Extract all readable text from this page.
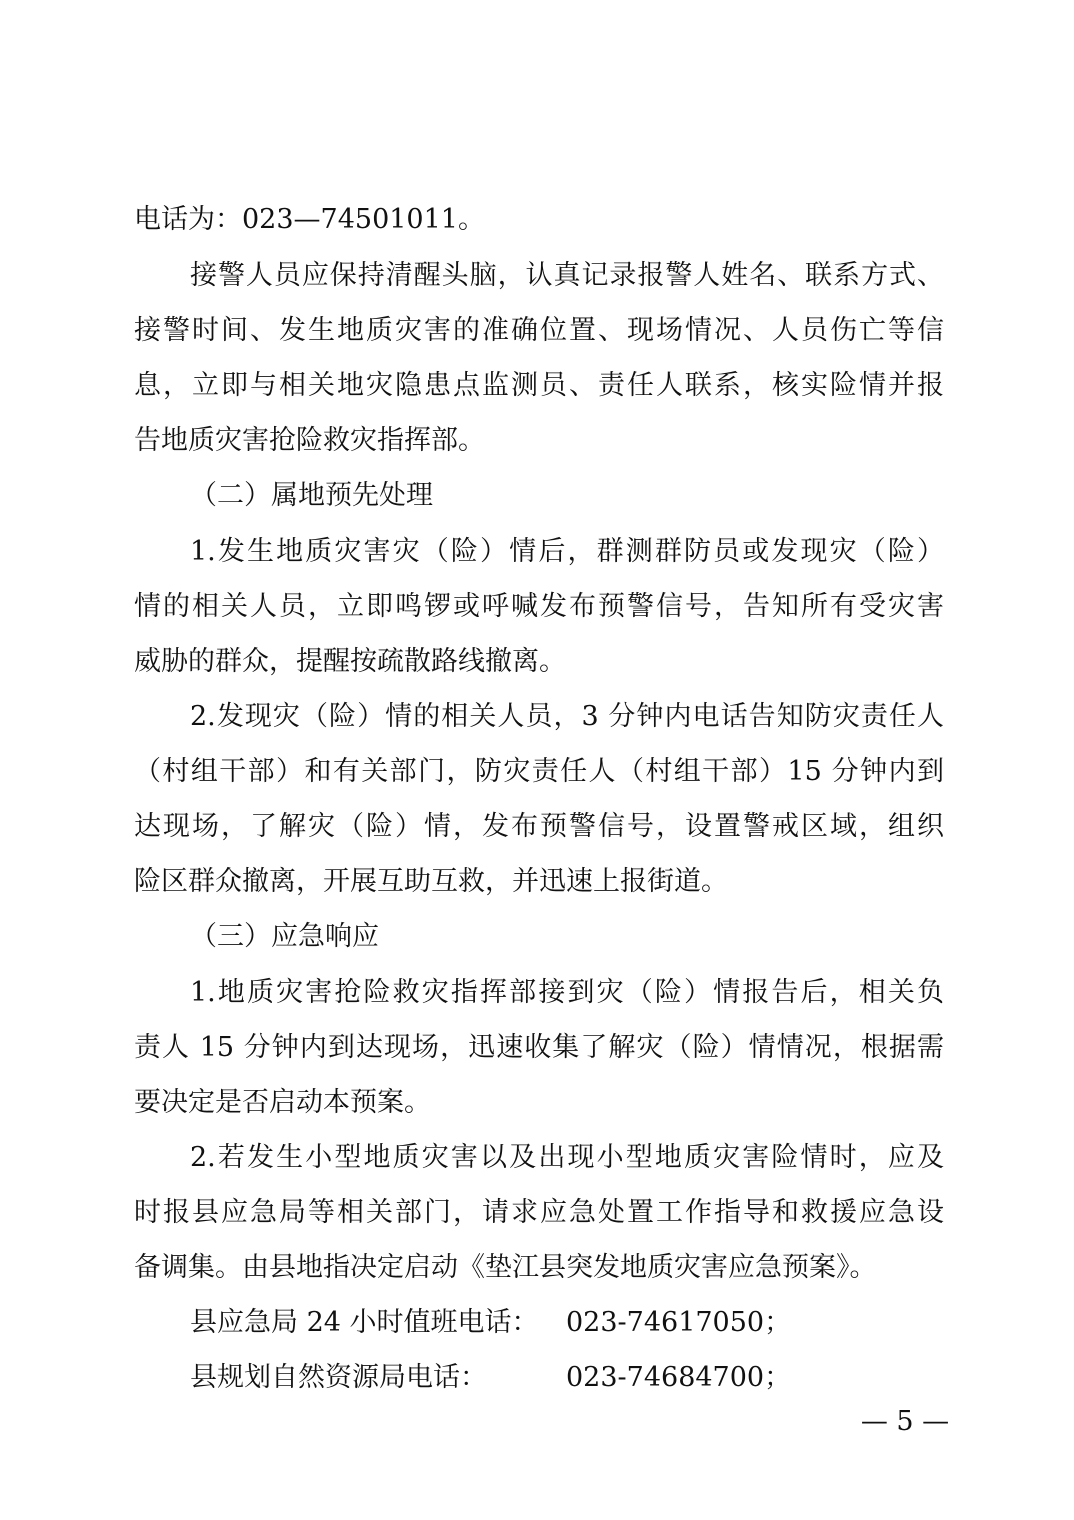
电话为：023—74501011。
接警人员应保持清醒头脑，认真记录报警人姓名、联系方式、
接警时间、发生地质灾害的准确位置、现场情况、人员伤亡等信
息，立即与相关地灾隐患点监测员、责任人联系，核实险情并报
告地质灾害抢险救灾指挥部。
（二）属地预先处理
1.发生地质灾害灾（险）情后，群测群防员或发现灾（险）
情的相关人员，立即鸣锣或呼喊发布预警信号，告知所有受灾害
威胁的群众，提醒按疏散路线撤离。
2.发现灾（险）情的相关人员，3 分钟内电话告知防灾责任人
（村组干部）和有关部门，防灾责任人（村组干部）15 分钟内到
达现场，了解灾（险）情，发布预警信号，设置警戒区域，组织
险区群众撤离，开展互助互救，并迅速上报街道。
（三）应急响应
1.地质灾害抢险救灾指挥部接到灾（险）情报告后，相关负
责人 15 分钟内到达现场，迅速收集了解灾（险）情情况，根据需
要决定是否启动本预案。
2.若发生小型地质灾害以及出现小型地质灾害险情时，应及
时报县应急局等相关部门，请求应急处置工作指导和救援应急设
备调集。由县地指决定启动《垫江县突发地质灾害应急预案》。
县应急局 24 小时值班电话： 023-74617050；
县规划自然资源局电话：	023-74684700；
— 5 —
